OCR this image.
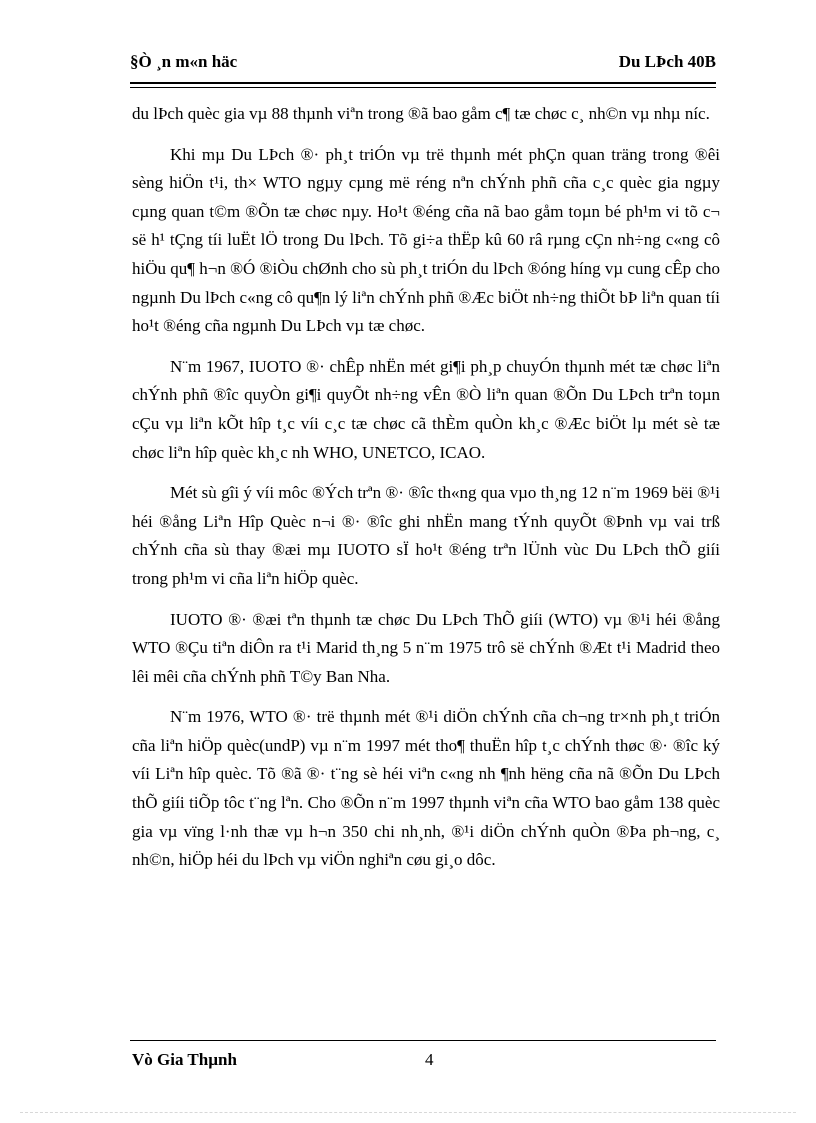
§Ò ¸n m«n häc	Du LÞch 40B

du lÞch quèc gia vµ 88 thµnh viªn trong ®ã bao gåm c¶ tæ chøc c¸ nh©n vµ nhµ níc.

Khi mµ Du LÞch ®· ph¸t triÓn vµ trë thµnh mét phÇn quan träng trong ®êi sèng hiÖn t¹i, th× WTO ngµy cµng më réng nªn chÝnh phñ cña c¸c quèc gia ngµy cµng quan t©m ®Õn tæ chøc nµy. Ho¹t ®éng cña nã bao gåm toµn bé ph¹m vi tõ c¬ së h¹ tÇng tíi luËt lÖ trong Du lÞch. Tõ gi÷a thËp kû 60 râ rµng cÇn nh÷ng c«ng cô hiÖu qu¶ h¬n ®Ó ®iÒu chØnh cho sù ph¸t triÓn du lÞch ®óng híng vµ cung cÊp cho ngµnh Du lÞch c«ng cô qu¶n lý liªn chÝnh phñ ®Æc biÖt nh÷ng thiÕt bÞ liªn quan tíi ho¹t ®éng cña ngµnh Du LÞch vµ tæ chøc.

N¨m 1967, IUOTO ®· chÊp nhËn mét gi¶i ph¸p chuyÓn thµnh mét tæ chøc liªn chÝnh phñ ®îc quyÒn gi¶i quyÕt nh÷ng vÊn ®Ò liªn quan ®Õn Du LÞch trªn toµn cÇu vµ liªn kÕt hîp t¸c víi c¸c tæ chøc cã thÈm quÒn kh¸c ®Æc biÖt lµ mét sè tæ chøc liªn hîp quèc kh¸c nh WHO, UNETCO, ICAO.

Mét sù gîi ý víi môc ®Ých trªn ®· ®îc th«ng qua vµo th¸ng 12 n¨m 1969 bëi ®¹i héi ®ång Liªn Hîp Quèc n¬i ®· ®îc ghi nhËn mang tÝnh quyÕt ®Þnh vµ vai trß chÝnh cña sù thay ®æi mµ IUOTO sÏ ho¹t ®éng trªn lÜnh vùc Du LÞch thÕ giíi trong ph¹m vi cña liªn hiÖp quèc.

IUOTO ®· ®æi tªn thµnh tæ chøc Du LÞch ThÕ giíi (WTO) vµ ®¹i héi ®ång WTO ®Çu tiªn diÔn ra t¹i Marid th¸ng 5 n¨m 1975 trô së chÝnh ®Æt t¹i Madrid theo lêi mêi cña chÝnh phñ T©y Ban Nha.

N¨m 1976, WTO ®· trë thµnh mét ®¹i diÖn chÝnh cña ch¬ng tr×nh ph¸t triÓn cña liªn hiÖp quèc(undP) vµ n¨m 1997 mét tho¶ thuËn hîp t¸c chÝnh thøc ®· ®îc ký víi Liªn hîp quèc. Tõ ®ã ®· t¨ng sè héi viªn c«ng nh ¶nh hëng cña nã ®Õn Du LÞch thÕ giíi tiÕp tôc t¨ng lªn. Cho ®Õn n¨m 1997 thµnh viªn cña WTO bao gåm 138 quèc gia vµ vïng l·nh thæ vµ h¬n 350 chi nh¸nh, ®¹i diÖn chÝnh quÒn ®Þa ph¬ng, c¸ nh©n, hiÖp héi du lÞch vµ viÖn nghiªn cøu gi¸o dôc.

Vò Gia Thµnh	4
